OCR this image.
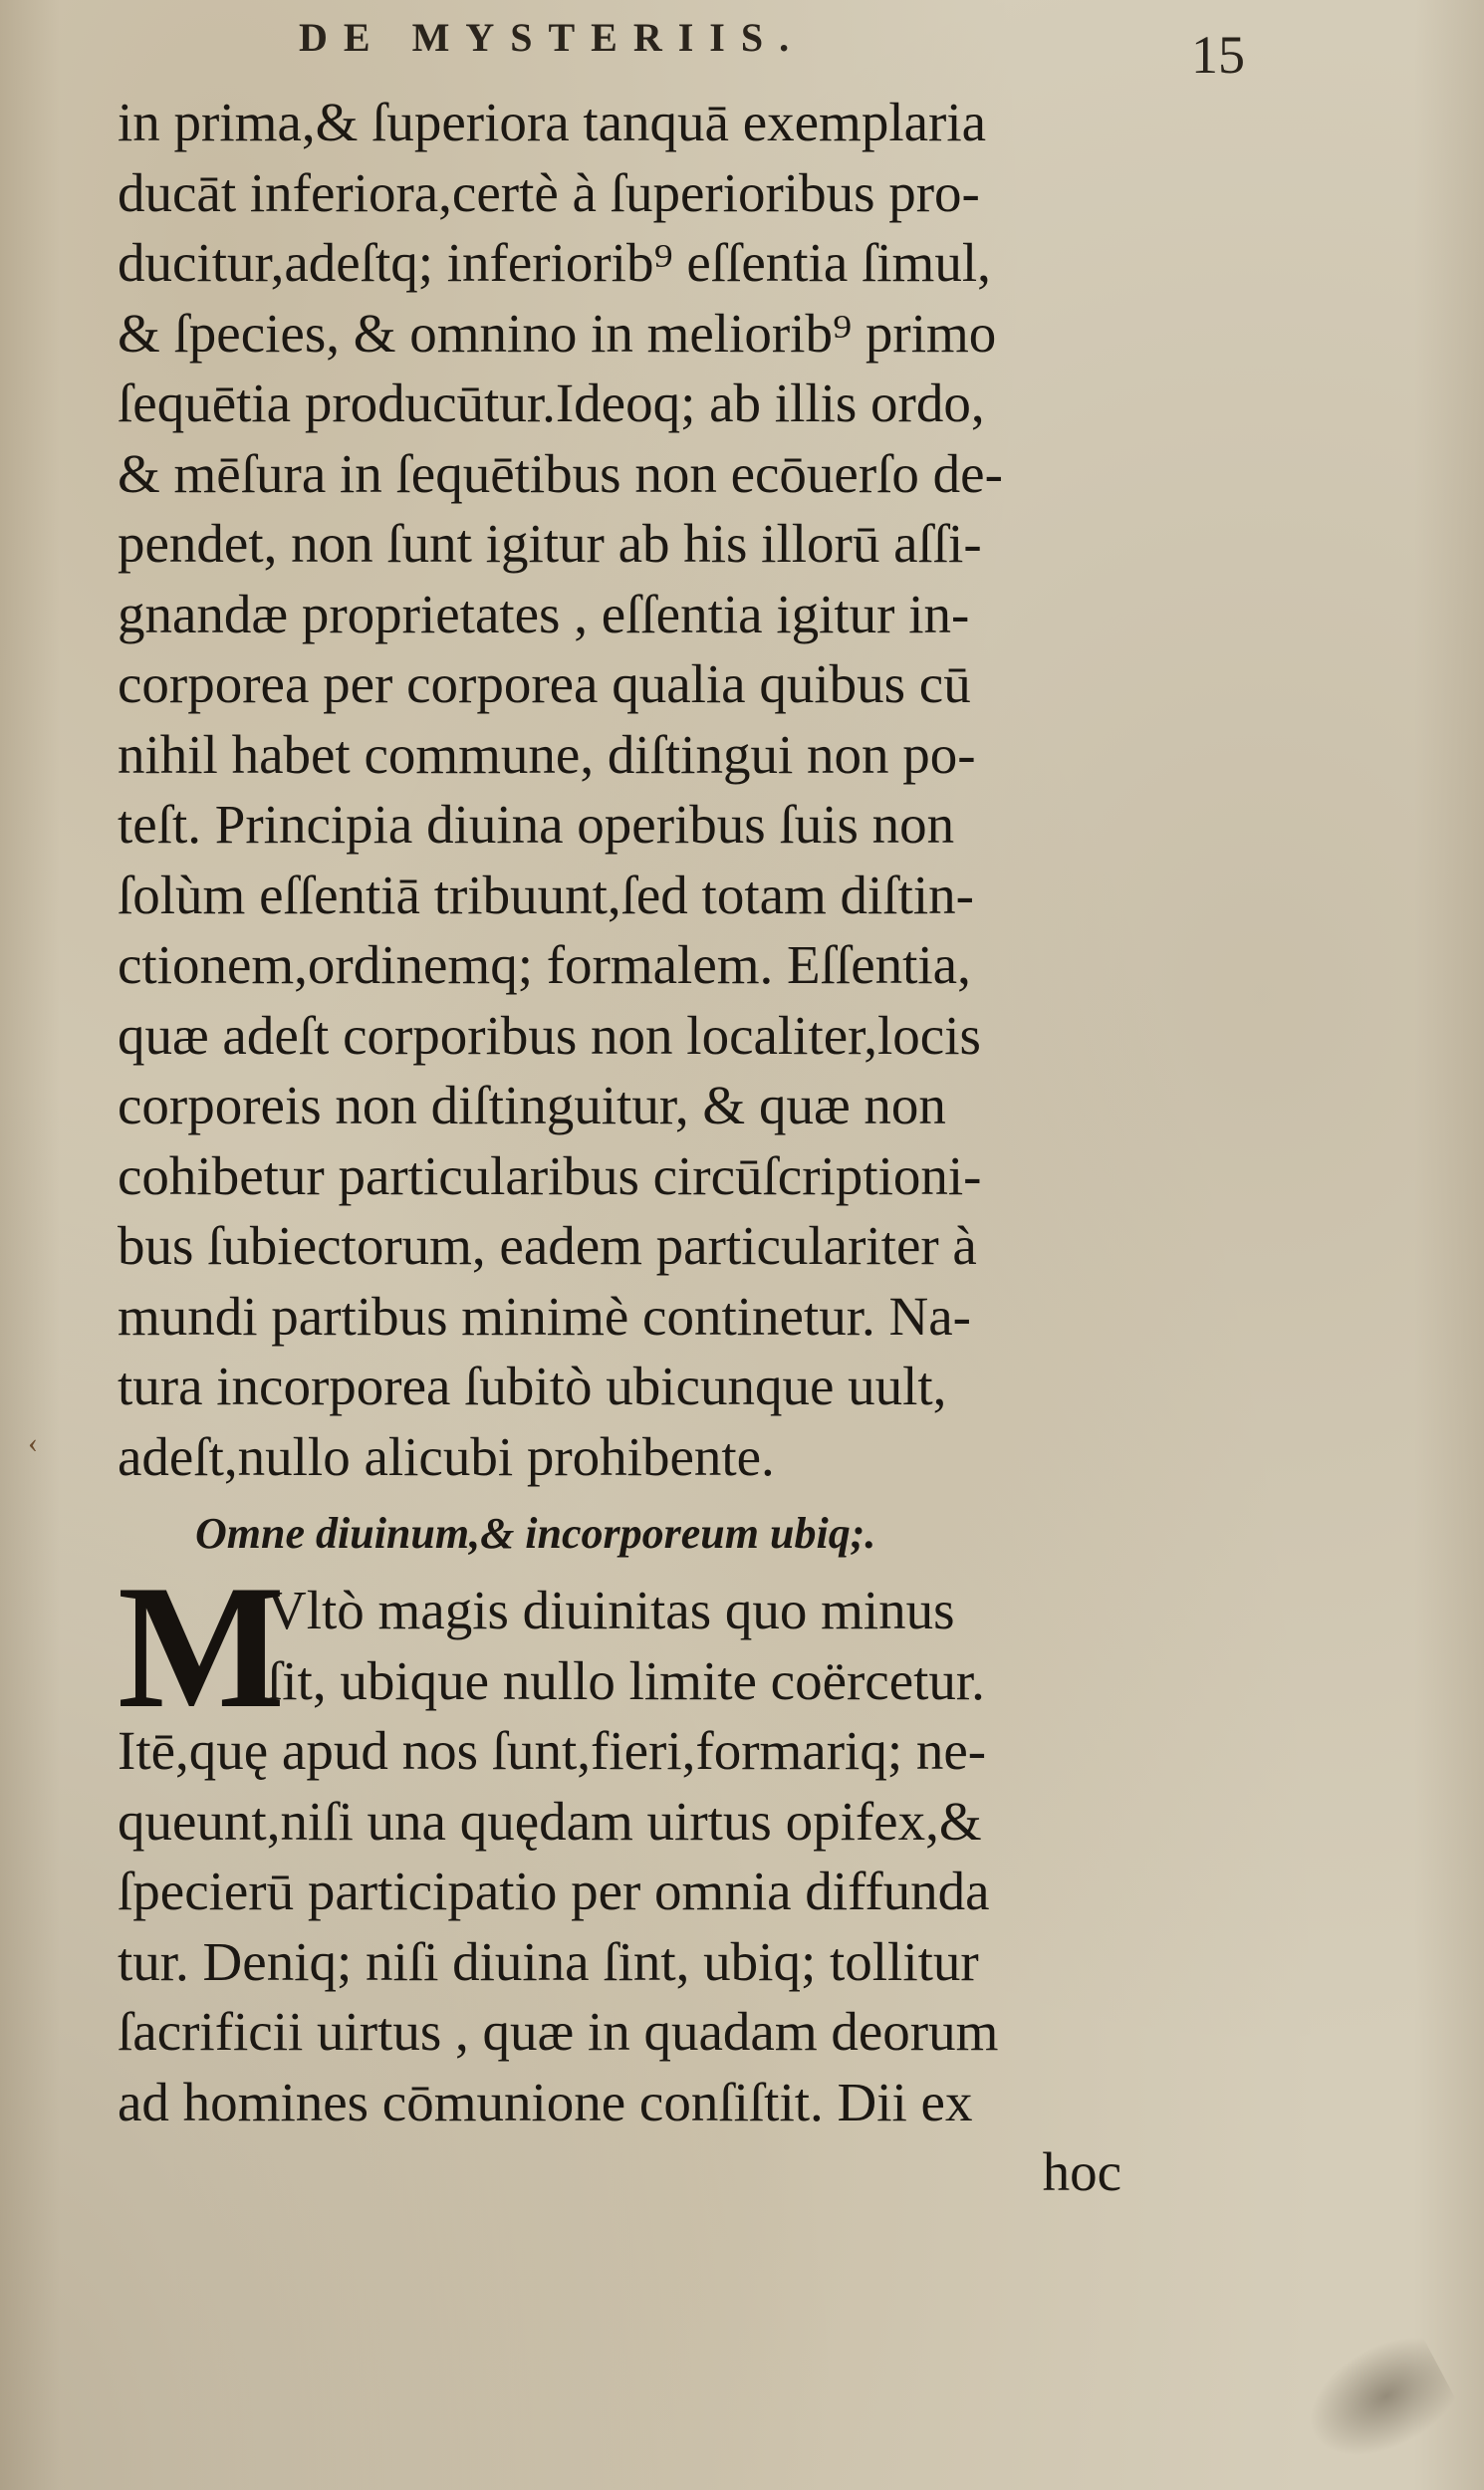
DE MYSTERIIS.	15
‹
in prima,& ſuperiora tanquā exemplaria
ducāt inferiora,certè à ſuperioribus pro-
ducitur,adeſtq; inferiorib⁹ eſſentia ſimul,
& ſpecies, & omnino in meliorib⁹ primo
ſequētia producūtur.Ideoq; ab illis ordo,
& mēſura in ſequētibus non ecōuerſo de-
pendet, non ſunt igitur ab his illorū aſſi-
gnandæ proprietates , eſſentia igitur in-
corporea per corporea qualia quibus cū
nihil habet commune, diſtingui non po-
teſt. Principia diuina operibus ſuis non
ſolùm eſſentiā tribuunt,ſed totam diſtin-
ctionem,ordinemq; formalem. Eſſentia,
quæ adeſt corporibus non localiter,locis
corporeis non diſtinguitur, & quæ non
cohibetur particularibus circūſcriptioni-
bus ſubiectorum, eadem particulariter à
mundi partibus minimè continetur. Na-
tura incorporea ſubitò ubicunque uult,
adeſt,nullo alicubi prohibente.
Omne diuinum,& incorporeum ubiq;.
M
Vltò magis diuinitas quo minus
ſit, ubique nullo limite coërcetur.
Itē,quę apud nos ſunt,fieri,formariq; ne-
queunt,niſi una quędam uirtus opifex,&
ſpecierū participatio per omnia diffunda
tur. Deniq; niſi diuina ſint, ubiq; tollitur
ſacrificii uirtus , quæ in quadam deorum
ad homines cōmunione conſiſtit. Dii ex
hoc
